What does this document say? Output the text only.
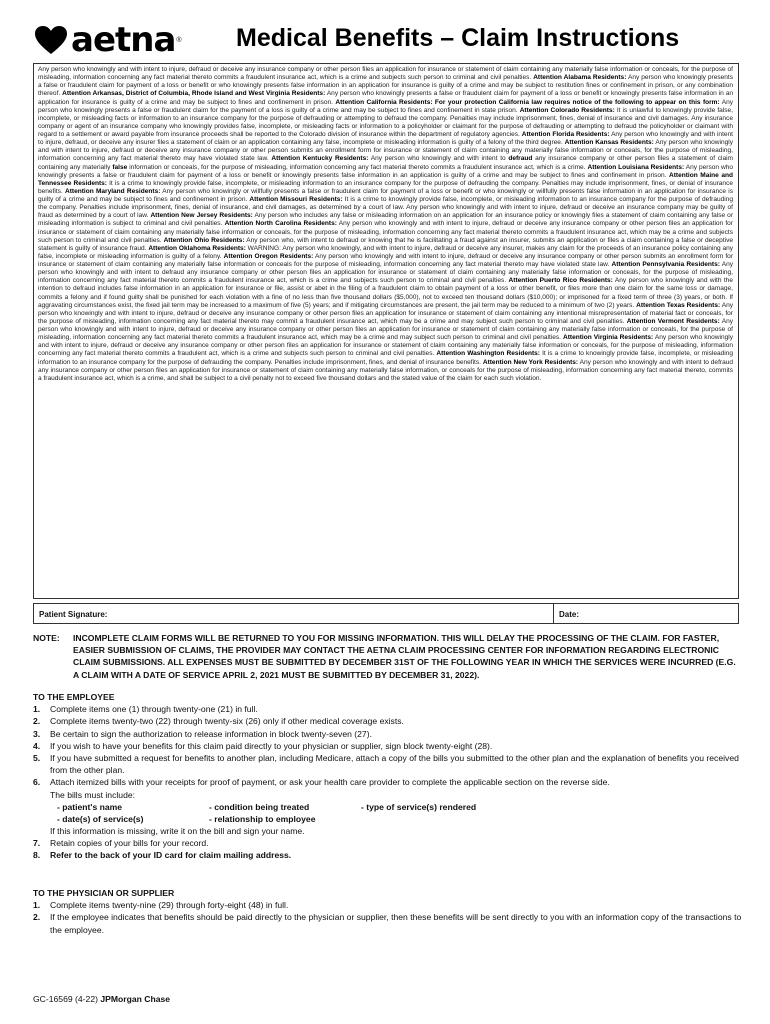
aetna ® Medical Benefits – Claim Instructions
Any person who knowingly and with intent to injure, defraud or deceive any insurance company or other person files an application for insurance or statement of claim containing any materially false information or conceals, for the purpose of misleading, information concerning any fact material thereto commits a fraudulent insurance act, which is a crime and subjects such person to criminal and civil penalties. Attention Alabama Residents: Any person who knowingly presents a false or fraudulent claim for payment of a loss or benefit or who knowingly presents false information in an application for insurance is guilty of a crime and may be subject to restitution fines or confinement in prison, or any combination thereof. Attention Arkansas, District of Columbia, Rhode Island and West Virginia Residents: Any person who knowingly presents a false or fraudulent claim for payment of a loss or benefit or knowingly presents false information in an application for insurance is guilty of a crime and may be subject to fines and confinement in prison. Attention California Residents: For your protection California law requires notice of the following to appear on this form: Any person who knowingly presents a false or fraudulent claim for the payment of a loss is guilty of a crime and may be subject to fines and confinement in state prison. Attention Colorado Residents: It is unlawful to knowingly provide false, incomplete, or misleading facts or information to an insurance company for the purpose of defrauding or attempting to defraud the company. Penalties may include imprisonment, fines, denial of insurance and civil damages. Any insurance company or agent of an insurance company who knowingly provides false, incomplete, or misleading facts or information to a policyholder or claimant for the purpose of defrauding or attempting to defraud the policyholder or claimant with regard to a settlement or award payable from insurance proceeds shall be reported to the Colorado division of insurance within the department of regulatory agencies. Attention Florida Residents: Any person who knowingly and with intent to injure, defraud, or deceive any insurer files a statement of claim or an application containing any false, incomplete or misleading information is guilty of a felony of the third degree. Attention Kansas Residents: Any person who knowingly and with intent to injure, defraud or deceive any insurance company or other person submits an enrollment form for insurance or statement of claim containing any materially false information or conceals, for the purpose of misleading, information concerning any fact material thereto may have violated state law. Attention Kentucky Residents: Any person who knowingly and with intent to defraud any insurance company or other person files a statement of claim containing any materially false information or conceals, for the purpose of misleading, information concerning any fact material thereto commits a fraudulent insurance act, which is a crime. Attention Louisiana Residents: Any person who knowingly presents a false or fraudulent claim for payment of a loss or benefit or knowingly presents false information in an application is guilty of a crime and may be subject to fines and confinement in prison. Attention Maine and Tennessee Residents: It is a crime to knowingly provide false, incomplete, or misleading information to an insurance company for the purpose of defrauding the company. Penalties may include imprisonment, fines, or denial of insurance benefits. Attention Maryland Residents: Any person who knowingly or willfully presents a false or fraudulent claim for payment of a loss or benefit or who knowingly or willfully presents false information in an application for insurance is guilty of a crime and may be subject to fines and confinement in prison. Attention Missouri Residents: It is a crime to knowingly provide false, incomplete, or misleading information to an insurance company for the purpose of defrauding the company. Penalties include imprisonment, fines, denial of insurance, and civil damages, as determined by a court of law. Any person who knowingly and with intent to injure, defraud or deceive an insurance company may be guilty of fraud as determined by a court of law. Attention New Jersey Residents: Any person who includes any false or misleading information on an application for an insurance policy or knowingly files a statement of claim containing any false or misleading information is subject to criminal and civil penalties. Attention North Carolina Residents: Any person who knowingly and with intent to injure, defraud or deceive any insurance company or other person files an application for insurance or statement of claim containing any materially false information or conceals, for the purpose of misleading, information concerning any fact material thereto commits a fraudulent insurance act, which may be a crime and subjects such person to criminal and civil penalties. Attention Ohio Residents: Any person who, with intent to defraud or knowing that he is facilitating a fraud against an insurer, submits an application or files a claim containing a false or deceptive statement is guilty of insurance fraud. Attention Oklahoma Residents: WARNING: Any person who knowingly, and with intent to injure, defraud or deceive any insurer, makes any claim for the proceeds of an insurance policy containing any false, incomplete or misleading information is guilty of a felony. Attention Oregon Residents: Any person who knowingly and with intent to injure, defraud or deceive any insurance company or other person submits an enrollment form for insurance or statement of claim containing any materially false information or conceals for the purpose of misleading, information concerning any fact material thereto may have violated state law. Attention Pennsylvania Residents: Any person who knowingly and with intent to defraud any insurance company or other person files an application for insurance or statement of claim containing any materially false information or conceals, for the purpose of misleading, information concerning any fact material thereto commits a fraudulent insurance act, which is a crime and subjects such person to criminal and civil penalties. Attention Puerto Rico Residents: Any person who knowingly and with the intention to defraud includes false information in an application for insurance or file, assist or abet in the filing of a fraudulent claim to obtain payment of a loss or other benefit, or files more than one claim for the same loss or damage, commits a felony and if found guilty shall be punished for each violation with a fine of no less than five thousand dollars ($5,000), not to exceed ten thousand dollars ($10,000); or imprisoned for a fixed term of three (3) years, or both. If aggravating circumstances exist, the fixed jail term may be increased to a maximum of five (5) years; and if mitigating circumstances are present, the jail term may be reduced to a minimum of two (2) years. Attention Texas Residents: Any person who knowingly and with intent to injure, defraud or deceive any insurance company or other person files an application for insurance or statement of claim containing any intentional misrepresentation of material fact or conceals, for the purpose of misleading, information concerning any fact material thereto may commit a fraudulent insurance act, which may be a crime and may subject such person to criminal and civil penalties. Attention Vermont Residents: Any person who knowingly and with intent to injure, defraud or deceive any insurance company or other person files an application for insurance or statement of claim containing any materially false information or conceals, for the purpose of misleading, information concerning any fact material thereto commits a fraudulent insurance act, which may be a crime and may subject such person to criminal and civil penalties. Attention Virginia Residents: Any person who knowingly and with intent to injure, defraud or deceive any insurance company or other person files an application for insurance or statement of claim containing any materially false information or conceals, for the purpose of misleading, information concerning any fact material thereto commits a fraudulent act, which is a crime and subjects such person to criminal and civil penalties. Attention Washington Residents: It is a crime to knowingly provide false, incomplete, or misleading information to an insurance company for the purpose of defrauding the company. Penalties include imprisonment, fines, and denial of insurance benefits. Attention New York Residents: Any person who knowingly and with intent to defraud any insurance company or other person files an application for insurance or statement of claim containing any materially false information, or conceals for the purpose of misleading, information concerning any fact material thereto, commits a fraudulent insurance act, which is a crime, and shall be subject to a civil penalty not to exceed five thousand dollars and the stated value of the claim for each such violation.
Patient Signature:	Date:
NOTE: INCOMPLETE CLAIM FORMS WILL BE RETURNED TO YOU FOR MISSING INFORMATION. THIS WILL DELAY THE PROCESSING OF THE CLAIM. FOR FASTER, EASIER SUBMISSION OF CLAIMS, THE PROVIDER MAY CONTACT THE AETNA CLAIM PROCESSING CENTER FOR INFORMATION REGARDING ELECTRONIC CLAIM SUBMISSIONS. ALL EXPENSES MUST BE SUBMITTED BY DECEMBER 31ST OF THE FOLLOWING YEAR IN WHICH THE SERVICES WERE INCURRED (E.G. A CLAIM WITH A DATE OF SERVICE APRIL 2, 2021 MUST BE SUBMITTED BY DECEMBER 31, 2022).
TO THE EMPLOYEE
1. Complete items one (1) through twenty-one (21) in full.
2. Complete items twenty-two (22) through twenty-six (26) only if other medical coverage exists.
3. Be certain to sign the authorization to release information in block twenty-seven (27).
4. If you wish to have your benefits for this claim paid directly to your physician or supplier, sign block twenty-eight (28).
5. If you have submitted a request for benefits to another plan, including Medicare, attach a copy of the bills you submitted to the other plan and the explanation of benefits you received from the other plan.
6. Attach itemized bills with your receipts for proof of payment, or ask your health care provider to complete the applicable section on the reverse side.
The bills must include:
- patient's name	- condition being treated	- type of service(s) rendered
- date(s) of service(s)	- relationship to employee
If this information is missing, write it on the bill and sign your name.
7. Retain copies of your bills for your record.
8. Refer to the back of your ID card for claim mailing address.
TO THE PHYSICIAN OR SUPPLIER
1. Complete items twenty-nine (29) through forty-eight (48) in full.
2. If the employee indicates that benefits should be paid directly to the physician or supplier, then these benefits will be sent directly to you with an information copy of the transactions to the employee.
GC-16569 (4-22) JPMorgan Chase
